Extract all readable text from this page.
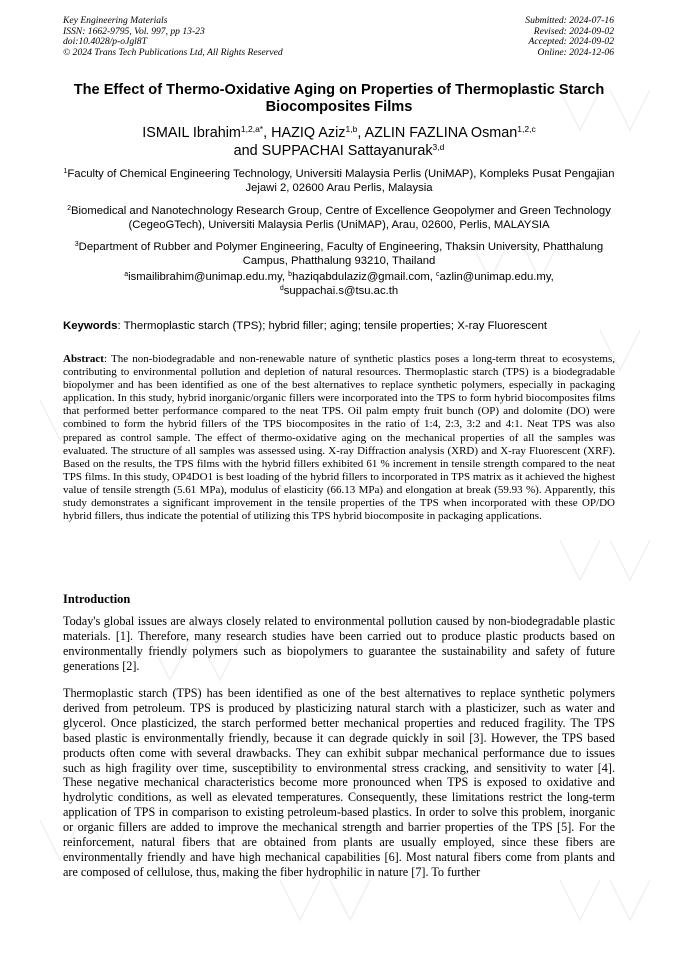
Key Engineering Materials
ISSN: 1662-9795, Vol. 997, pp 13-23
doi:10.4028/p-oJgl8T
© 2024 Trans Tech Publications Ltd, All Rights Reserved
Submitted: 2024-07-16
Revised: 2024-09-02
Accepted: 2024-09-02
Online: 2024-12-06
The Effect of Thermo-Oxidative Aging on Properties of Thermoplastic Starch Biocomposites Films
ISMAIL Ibrahim$^{1,2,a*}$, HAZIQ Aziz$^{1,b}$, AZLIN FAZLINA Osman$^{1,2,c}$
and SUPPACHAI Sattayanurak$^{3,d}$
$^1$Faculty of Chemical Engineering Technology, Universiti Malaysia Perlis (UniMAP), Kompleks Pusat Pengajian Jejawi 2, 02600 Arau Perlis, Malaysia
$^2$Biomedical and Nanotechnology Research Group, Centre of Excellence Geopolymer and Green Technology (CegeoGTech), Universiti Malaysia Perlis (UniMAP), Arau, 02600, Perlis, MALAYSIA
$^3$Department of Rubber and Polymer Engineering, Faculty of Engineering, Thaksin University, Phatthalung Campus, Phatthalung 93210, Thailand
$^a$ismailibrahim@unimap.edu.my, $^b$haziqabdulaziz@gmail.com, $^c$azlin@unimap.edu.my,
$^d$suppachai.s@tsu.ac.th
Keywords: Thermoplastic starch (TPS); hybrid filler; aging; tensile properties; X-ray Fluorescent

Abstract: The non-biodegradable and non-renewable nature of synthetic plastics poses a long-term threat to ecosystems, contributing to environmental pollution and depletion of natural resources. Thermoplastic starch (TPS) is a biodegradable biopolymer and has been identified as one of the best alternatives to replace synthetic polymers, especially in packaging application. In this study, hybrid inorganic/organic fillers were incorporated into the TPS to form hybrid biocomposites films that performed better performance compared to the neat TPS. Oil palm empty fruit bunch (OP) and dolomite (DO) were combined to form the hybrid fillers of the TPS biocomposites in the ratio of 1:4, 2:3, 3:2 and 4:1. Neat TPS was also prepared as control sample. The effect of thermo-oxidative aging on the mechanical properties of all the samples was evaluated. The structure of all samples was assessed using. X-ray Diffraction analysis (XRD) and X-ray Fluorescent (XRF). Based on the results, the TPS films with the hybrid fillers exhibited 61 % increment in tensile strength compared to the neat TPS films. In this study, OP4DO1 is best loading of the hybrid fillers to incorporated in TPS matrix as it achieved the highest value of tensile strength (5.61 MPa), modulus of elasticity (66.13 MPa) and elongation at break (59.93 %). Apparently, this study demonstrates a significant improvement in the tensile properties of the TPS when incorporated with these OP/DO hybrid fillers, thus indicate the potential of utilizing this TPS hybrid biocomposite in packaging applications.

Introduction

Today's global issues are always closely related to environmental pollution caused by non-biodegradable plastic materials. [1]. Therefore, many research studies have been carried out to produce plastic products based on environmentally friendly polymers such as biopolymers to guarantee the sustainability and safety of future generations [2].

Thermoplastic starch (TPS) has been identified as one of the best alternatives to replace synthetic polymers derived from petroleum. TPS is produced by plasticizing natural starch with a plasticizer, such as water and glycerol. Once plasticized, the starch performed better mechanical properties and reduced fragility. The TPS based plastic is environmentally friendly, because it can degrade quickly in soil [3]. However, the TPS based products often come with several drawbacks. They can exhibit subpar mechanical performance due to issues such as high fragility over time, susceptibility to environmental stress cracking, and sensitivity to water [4]. These negative mechanical characteristics become more pronounced when TPS is exposed to oxidative and hydrolytic conditions, as well as elevated temperatures. Consequently, these limitations restrict the long-term application of TPS in comparison to existing petroleum-based plastics. In order to solve this problem, inorganic or organic fillers are added to improve the mechanical strength and barrier properties of the TPS [5]. For the reinforcement, natural fibers that are obtained from plants are usually employed, since these fibers are environmentally friendly and have high mechanical capabilities [6]. Most natural fibers come from plants and are composed of cellulose, thus, making the fiber hydrophilic in nature [7]. To further
